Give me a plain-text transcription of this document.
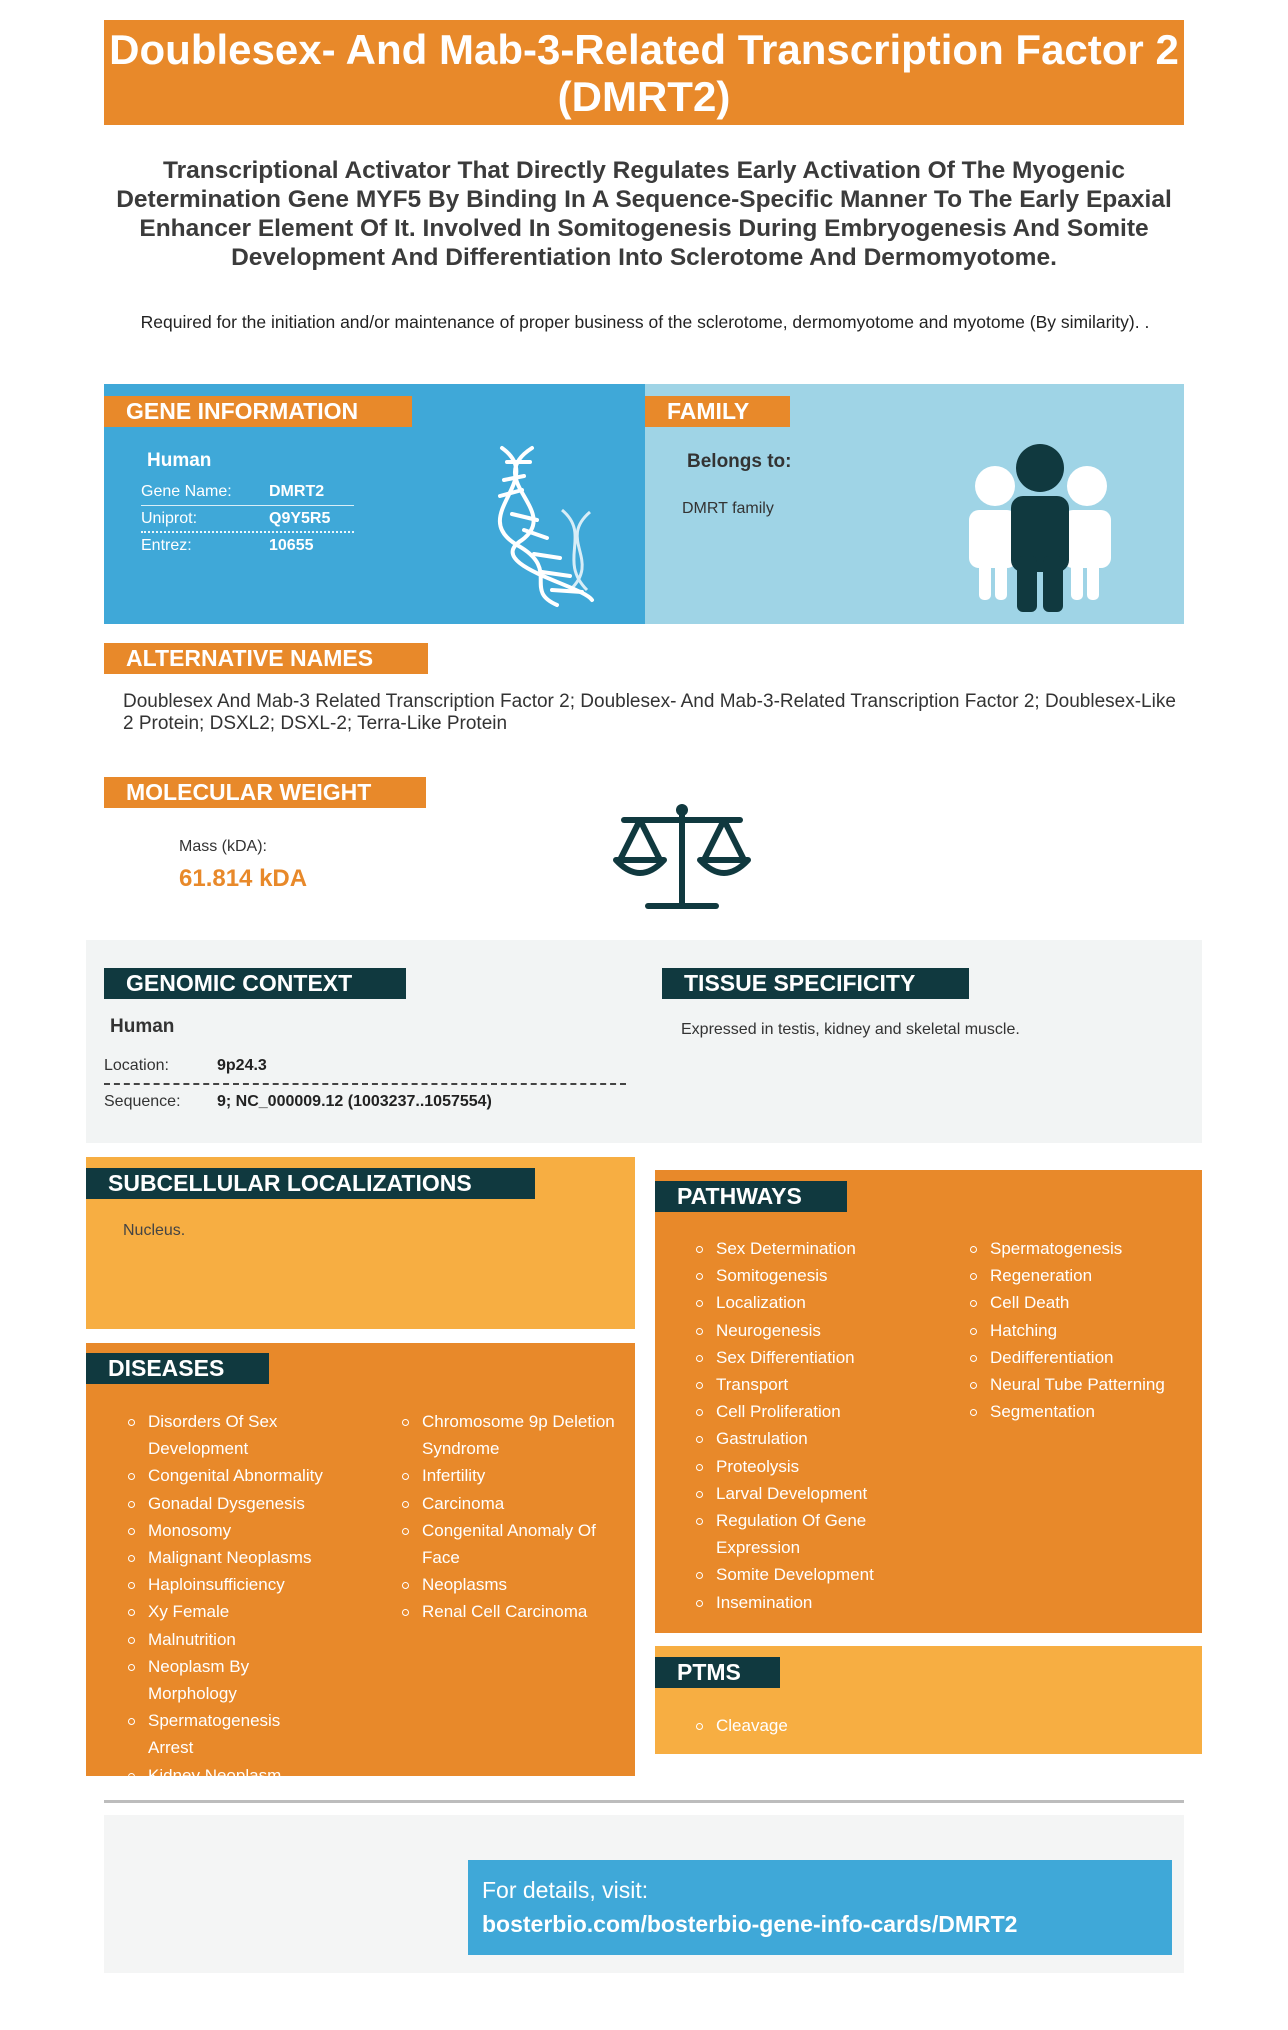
Doublesex- And Mab-3-Related Transcription Factor 2 (DMRT2)
Transcriptional Activator That Directly Regulates Early Activation Of The Myogenic Determination Gene MYF5 By Binding In A Sequence-Specific Manner To The Early Epaxial Enhancer Element Of It. Involved In Somitogenesis During Embryogenesis And Somite Development And Differentiation Into Sclerotome And Dermomyotome.
Required for the initiation and/or maintenance of proper business of the sclerotome, dermomyotome and myotome (By similarity). .
GENE INFORMATION
Human
Gene Name: DMRT2
Uniprot:	Q9Y5R5
Entrez:	10655
FAMILY
Belongs to:
DMRT family
ALTERNATIVE NAMES
Doublesex And Mab-3 Related Transcription Factor 2; Doublesex- And Mab-3-Related Transcription Factor 2; Doublesex-Like 2 Protein; DSXL2; DSXL-2; Terra-Like Protein
MOLECULAR WEIGHT
Mass (kDA):
61.814 kDA
GENOMIC CONTEXT
Human
Location:	9p24.3
Sequence: 9; NC_000009.12 (1003237..1057554)
TISSUE SPECIFICITY
Expressed in testis, kidney and skeletal muscle.
SUBCELLULAR LOCALIZATIONS
Nucleus.
DISEASES
Disorders Of Sex Development
Congenital Abnormality
Gonadal Dysgenesis
Monosomy
Malignant Neoplasms
Haploinsufficiency
Xy Female
Malnutrition
Neoplasm By Morphology
Spermatogenesis Arrest
Kidney Neoplasm
Chromosome 9p Deletion Syndrome
Infertility
Carcinoma
Congenital Anomaly Of Face
Neoplasms
Renal Cell Carcinoma
PATHWAYS
Sex Determination
Somitogenesis
Localization
Neurogenesis
Sex Differentiation
Transport
Cell Proliferation
Gastrulation
Proteolysis
Larval Development
Regulation Of Gene Expression
Somite Development
Insemination
Spermatogenesis
Regeneration
Cell Death
Hatching
Dedifferentiation
Neural Tube Patterning
Segmentation
PTMS
Cleavage
For details, visit:
bosterbio.com/bosterbio-gene-info-cards/DMRT2
